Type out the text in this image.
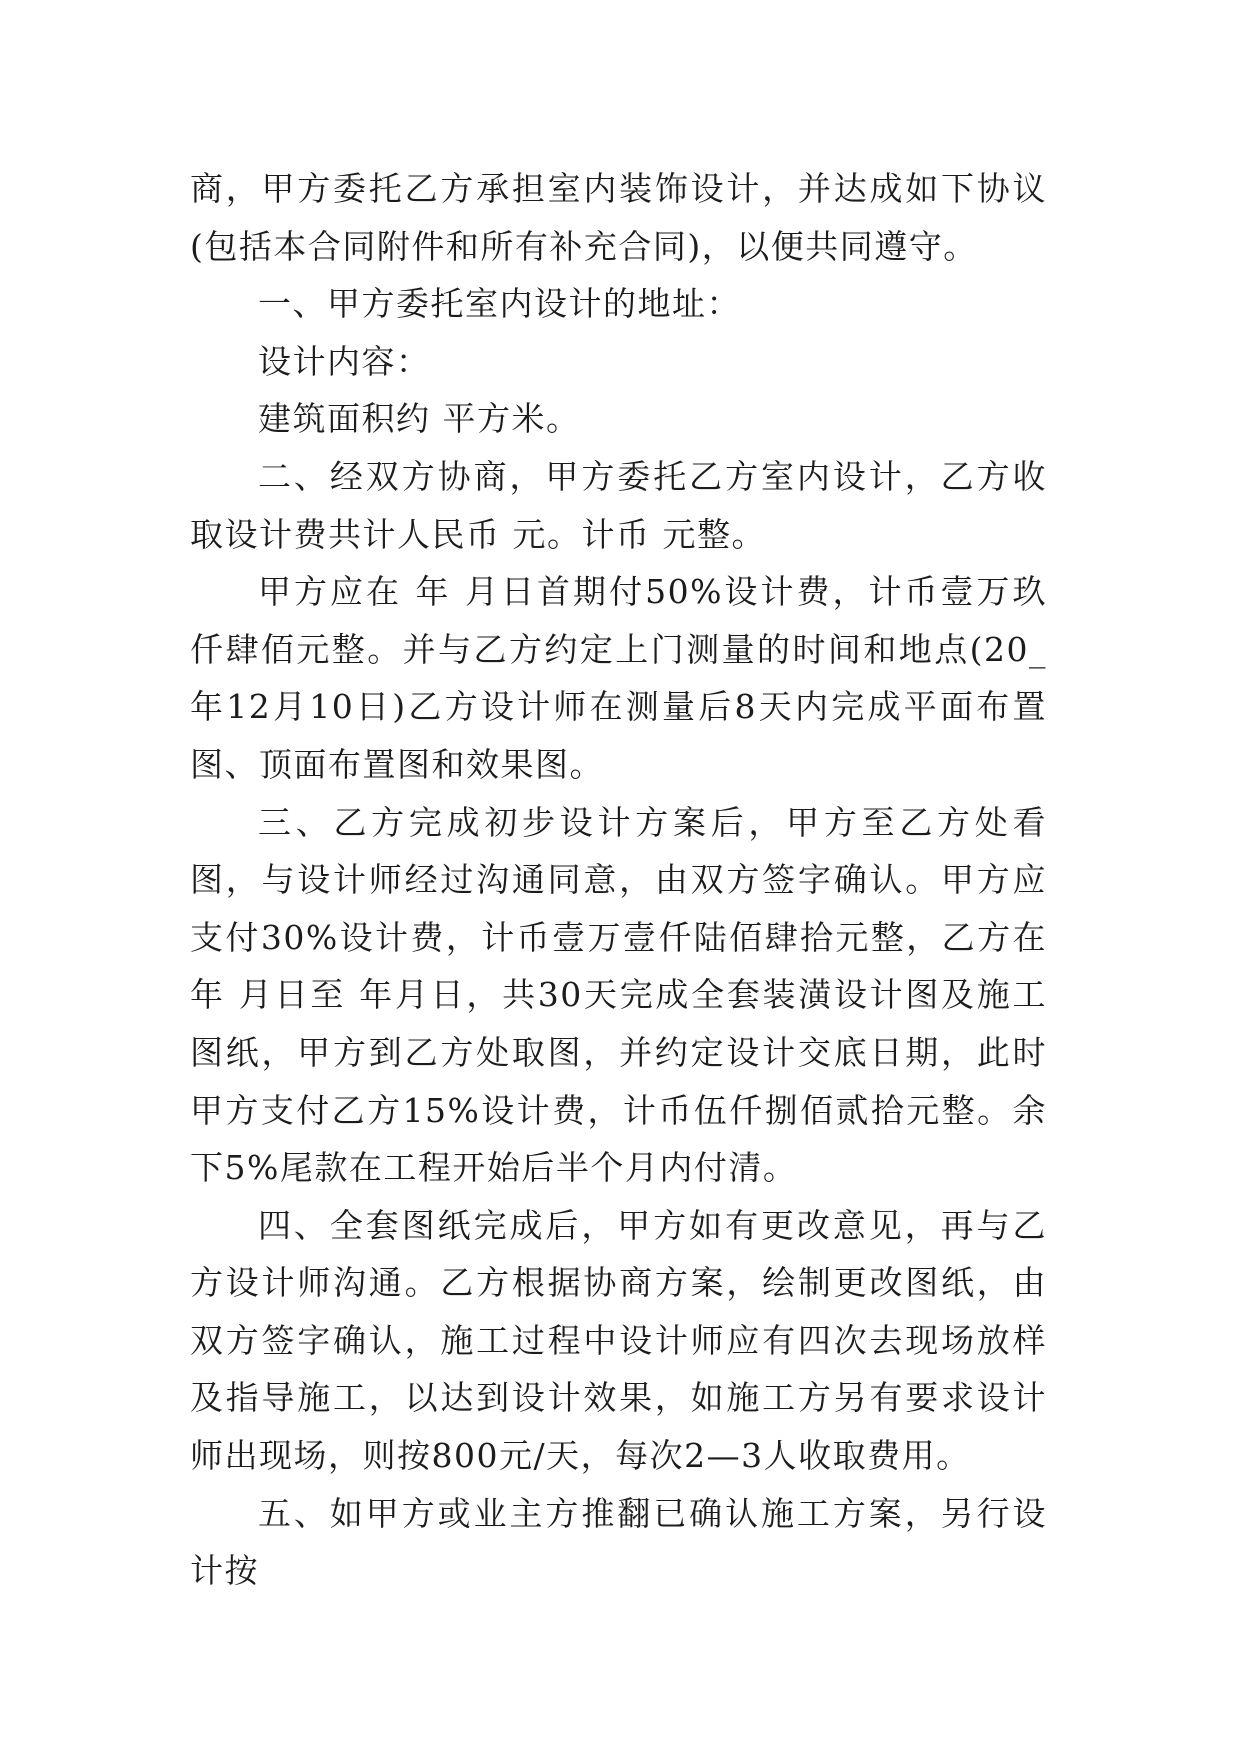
商，甲方委托乙方承担室内装饰设计，并达成如下协议(包括本合同附件和所有补充合同)，以便共同遵守。

一、甲方委托室内设计的地址：

设计内容：

建筑面积约 平方米。

二、经双方协商，甲方委托乙方室内设计，乙方收取设计费共计人民币 元。计币 元整。

甲方应在 年 月日首期付50%设计费，计币壹万玖仟肆佰元整。并与乙方约定上门测量的时间和地点(20_年12月10日)乙方设计师在测量后8天内完成平面布置图、顶面布置图和效果图。

三、乙方完成初步设计方案后，甲方至乙方处看图，与设计师经过沟通同意，由双方签字确认。甲方应支付30%设计费，计币壹万壹仟陆佰肆拾元整，乙方在 年 月日至 年月日，共30天完成全套装潢设计图及施工图纸，甲方到乙方处取图，并约定设计交底日期，此时甲方支付乙方15%设计费，计币伍仟捌佰贰拾元整。余下5%尾款在工程开始后半个月内付清。

四、全套图纸完成后，甲方如有更改意见，再与乙方设计师沟通。乙方根据协商方案，绘制更改图纸，由双方签字确认，施工过程中设计师应有四次去现场放样及指导施工，以达到设计效果，如施工方另有要求设计师出现场，则按800元/天，每次2—3人收取费用。

五、如甲方或业主方推翻已确认施工方案，另行设计按
